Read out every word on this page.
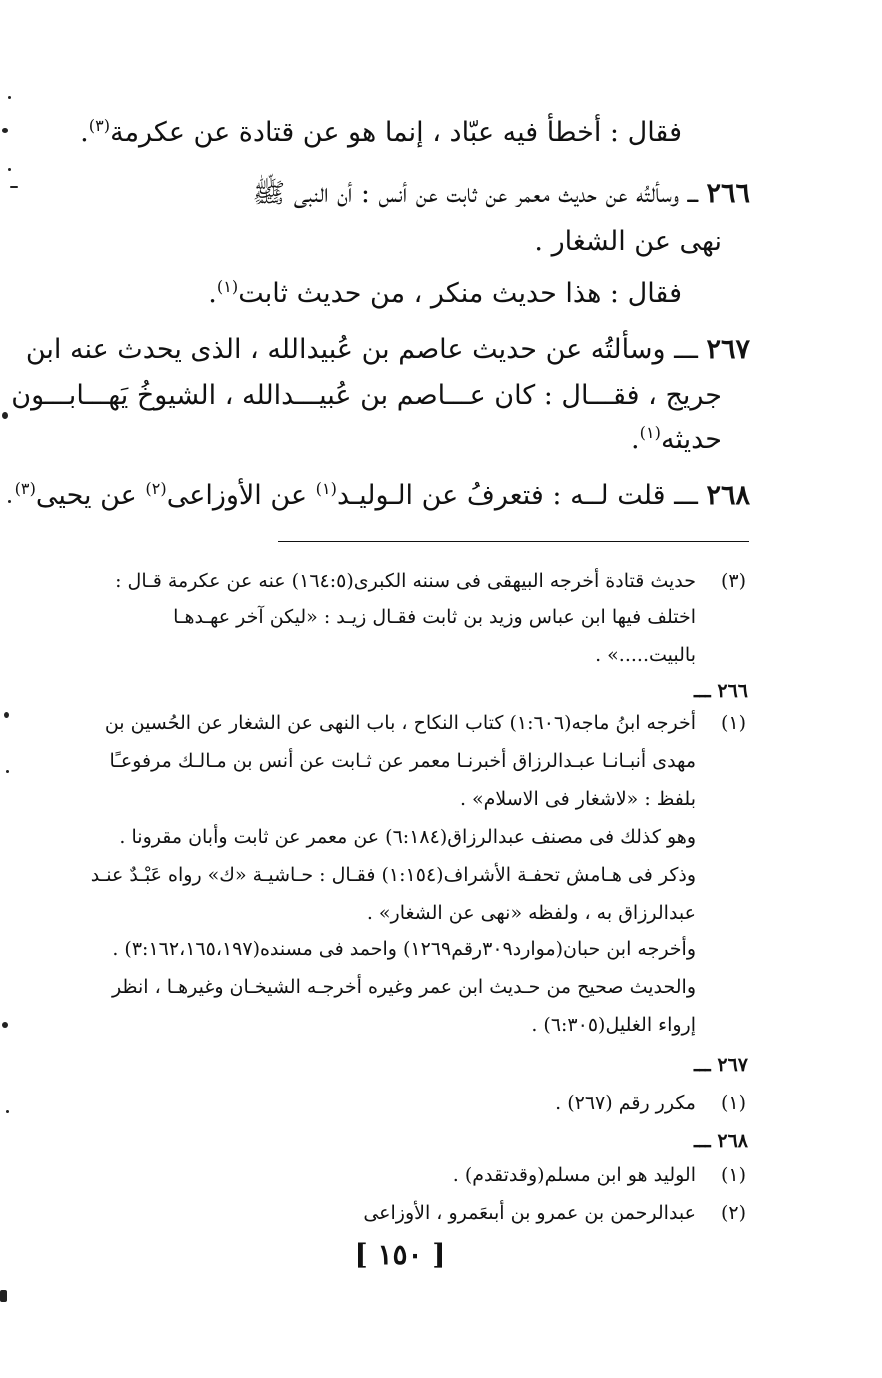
فقال : أخطأ فيه عبّاد ، إنما هو عن قتادة عن عكرمة$^{(٣)}$.
٢٦٦ ـــ وسألتُه عن حديث معمر عن ثابت عن أنس : أن النبى ﷺ
نهى عن الشغار .
فقال : هذا حديث منكر ، من حديث ثابت$^{(١)}$.
٢٦٧ ـــ وسألتُه عن حديث عاصم بن عُبيدالله ، الذى يحدث عنه ابن
جريج ، فقـــال : كان عـــاصم بن عُبيـــدالله ، الشيوخُ يَهـــابـــون
حديثه$^{(١)}$.
٢٦٨ ـــ قلت لــه : فتعرفُ عن الـوليـد$^{(١)}$ عن الأوزاعى$^{(٢)}$ عن يحيى$^{(٣)}$
(٣)
حديث قتادة أخرجه البيهقى فى سننه الكبرى(١٦٤:٥) عنه عن عكرمة قـال :
اختلف فيها ابن عباس وزيد بن ثابت فقـال زيـد : «ليكن آخر عهـدهـا
بالبيت.....» .
٢٦٦ ـــ
(١)
أخرجه ابنُ ماجه(١:٦٠٦) كتاب النكاح ، باب النهى عن الشغار عن الحُسين بن
مهدى أنبـانـا عبـدالرزاق أخبرنـا معمر عن ثـابت عن أنس بن مـالـك مرفوعـًا
بلفظ : «لاشغار فى الاسلام» .
وهو كذلك فى مصنف عبدالرزاق(٦:١٨٤) عن معمر عن ثابت وأبان مقرونا .
وذكر فى هـامش تحفـة الأشراف(١:١٥٤) فقـال : حـاشيـة «ك» رواه عَبْـدٌ عنـد
عبدالرزاق به ، ولفظه «نهى عن الشغار» .
وأخرجه ابن حبان(موارد٣٠٩رقم١٢٦٩) واحمد فى مسنده(٣:١٦٢،١٦٥،١٩٧) .
والحديث صحيح من حـديث ابن عمر وغيره أخرجـه الشيخـان وغيرهـا ، انظر
إرواء الغليل(٦:٣٠٥) .
٢٦٧ ـــ
(١)
مكرر رقم (٢٦٧) .
٢٦٨ ـــ
(١)
الوليد هو ابن مسلم(وقدتقدم) .
(٢)
عبدالرحمن بن عمرو بن أبىعَمرو ، الأوزاعى
[ ١٥٠ ]
